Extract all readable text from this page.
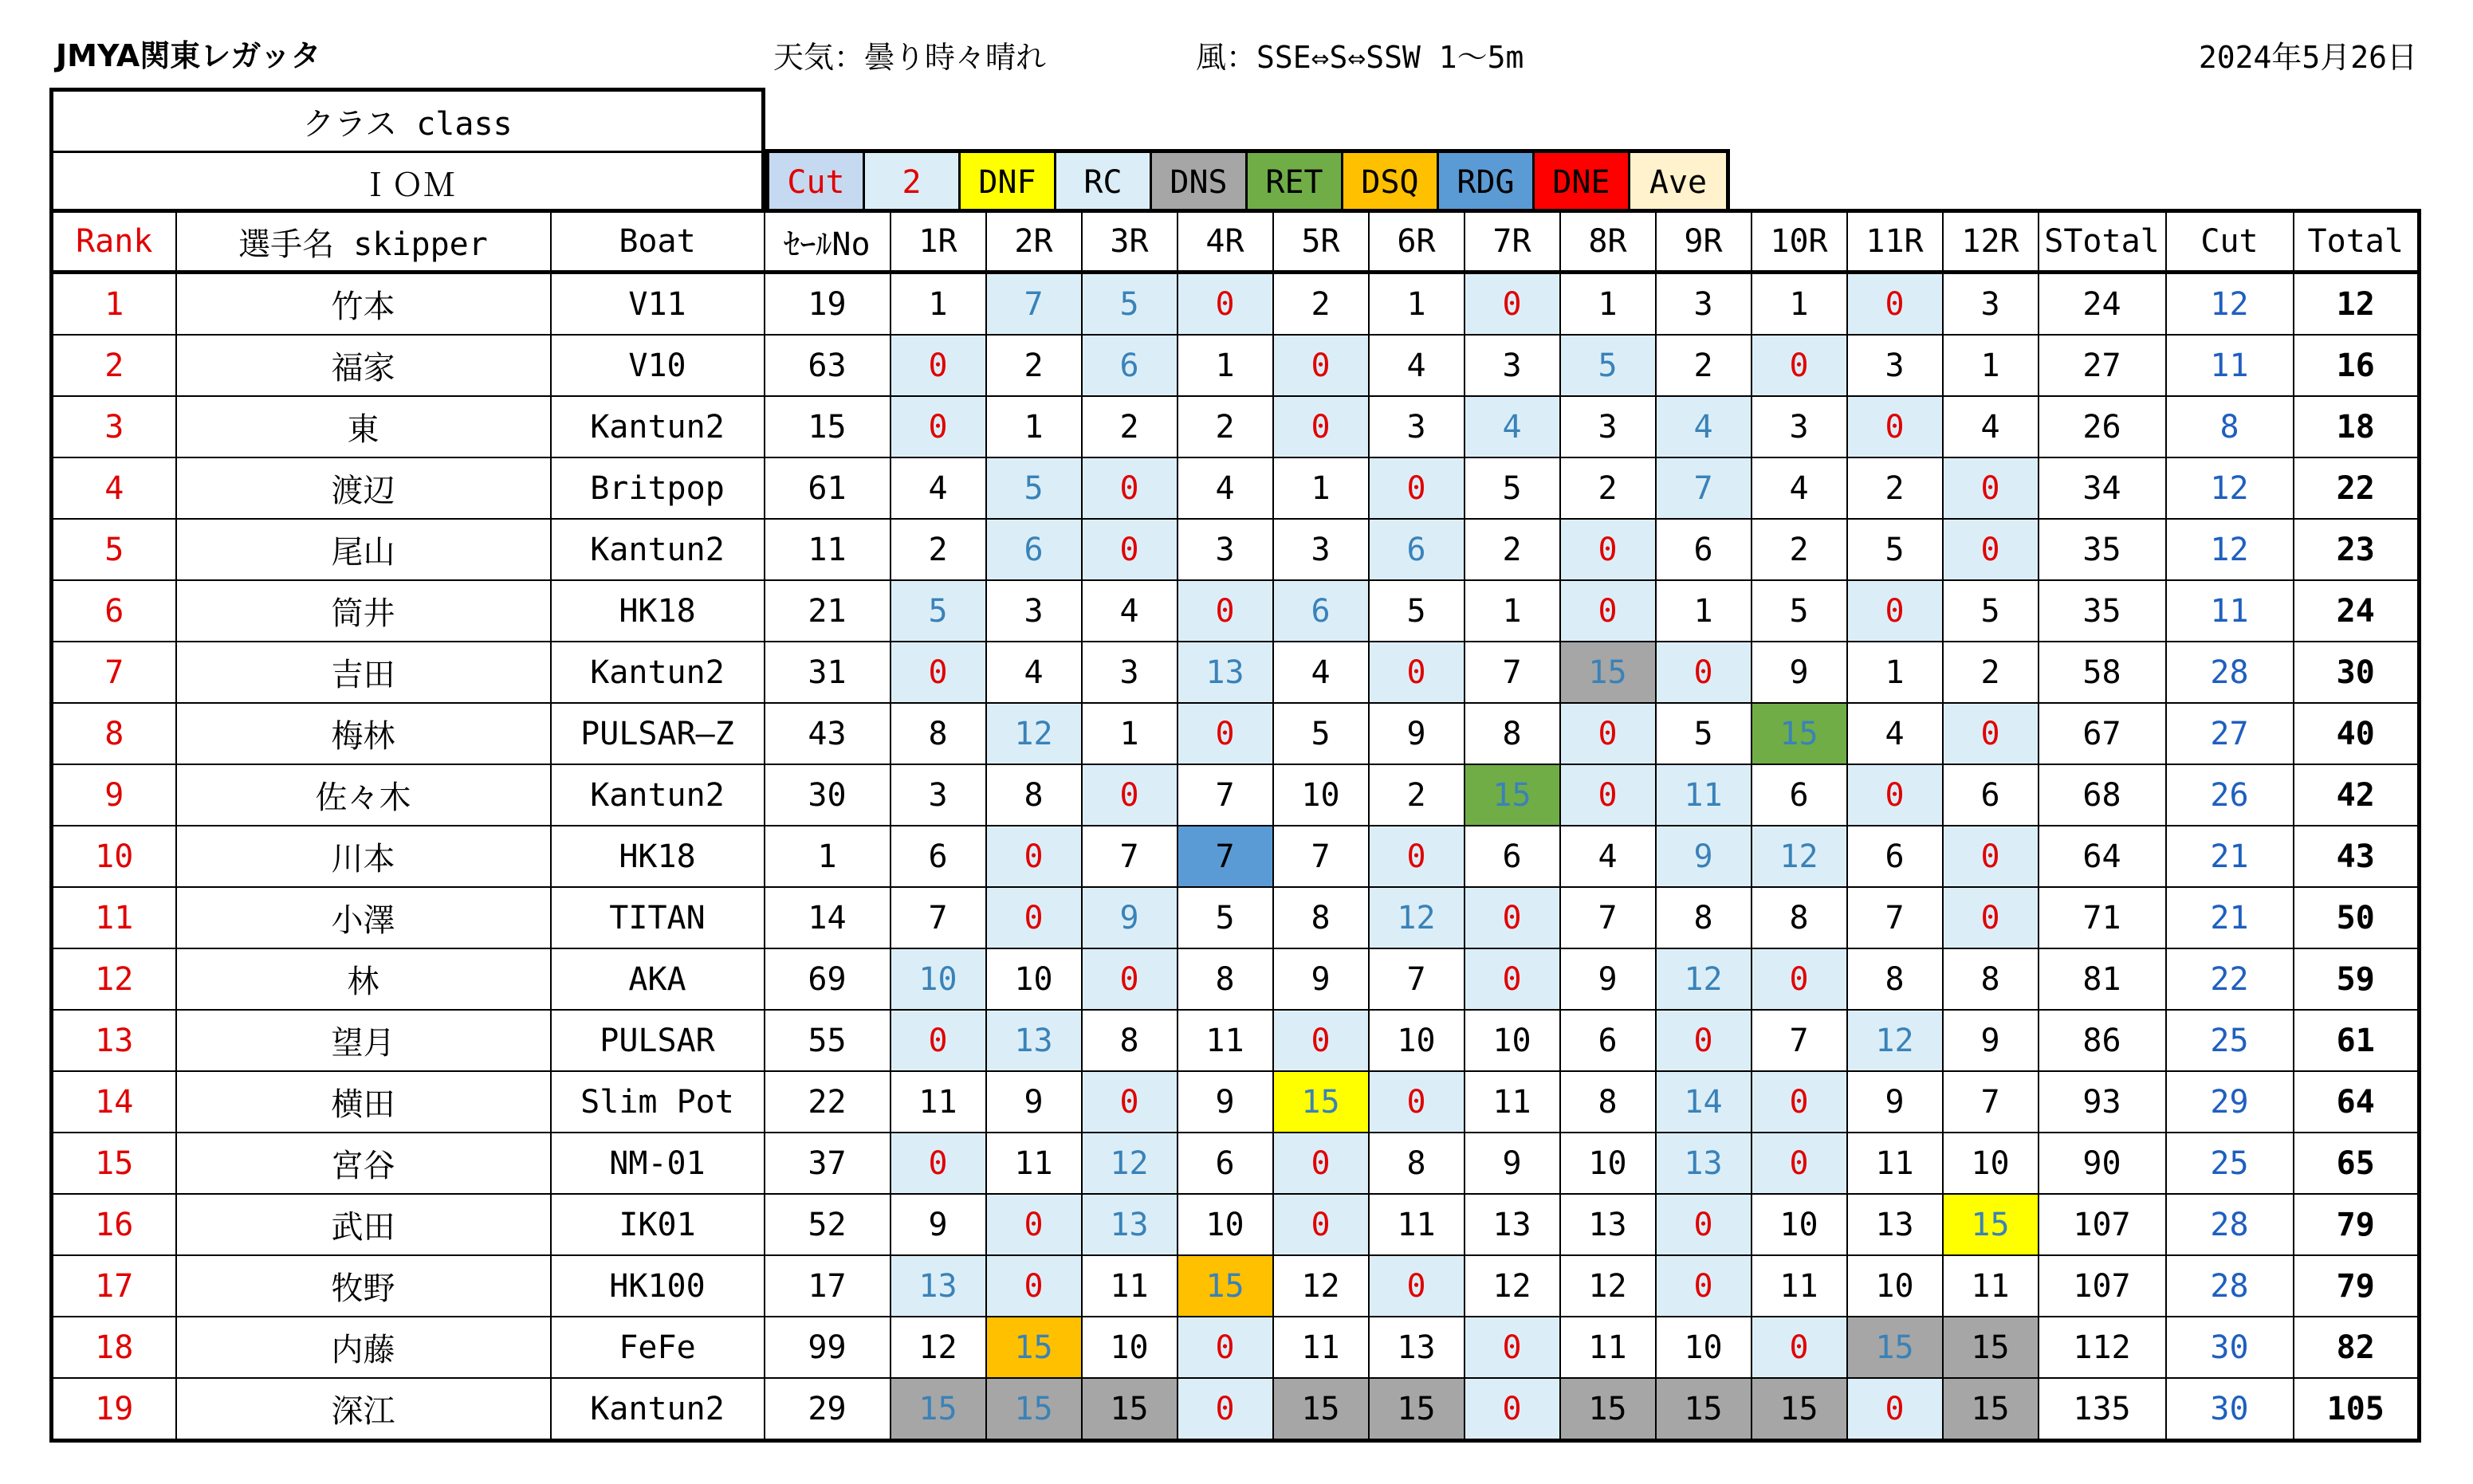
JMYA関東レガッタ	天気：曇り時々晴れ	風：SSE⇔S⇔SSW 1～5m	2024年5月26日
クラス class
ＩＯＭ	Cut	2	DNF	RC	DNS	RET	DSQ	RDG	DNE	Ave
Rank	選手名 skipper	Boat	ｾｰﾙNo	1R	2R	3R	4R	5R	6R	7R	8R	9R	10R	11R	12R	STotal	Cut	Total
1	竹本	V11	19	1	7	5	0	2	1	0	1	3	1	0	3	24	12	12
2	福家	V10	63	0	2	6	1	0	4	3	5	2	0	3	1	27	11	16
3	東	Kantun2	15	0	1	2	2	0	3	4	3	4	3	0	4	26	8	18
4	渡辺	Britpop	61	4	5	0	4	1	0	5	2	7	4	2	0	34	12	22
5	尾山	Kantun2	11	2	6	0	3	3	6	2	0	6	2	5	0	35	12	23
6	筒井	HK18	21	5	3	4	0	6	5	1	0	1	5	0	5	35	11	24
7	吉田	Kantun2	31	0	4	3	13	4	0	7	15	0	9	1	2	58	28	30
8	梅林	PULSAR―Z	43	8	12	1	0	5	9	8	0	5	15	4	0	67	27	40
9	佐々木	Kantun2	30	3	8	0	7	10	2	15	0	11	6	0	6	68	26	42
10	川本	HK18	1	6	0	7	7	7	0	6	4	9	12	6	0	64	21	43
11	小澤	TITAN	14	7	0	9	5	8	12	0	7	8	8	7	0	71	21	50
12	林	AKA	69	10	10	0	8	9	7	0	9	12	0	8	8	81	22	59
13	望月	PULSAR	55	0	13	8	11	0	10	10	6	0	7	12	9	86	25	61
14	横田	Slim Pot	22	11	9	0	9	15	0	11	8	14	0	9	7	93	29	64
15	宮谷	NM-01	37	0	11	12	6	0	8	9	10	13	0	11	10	90	25	65
16	武田	IK01	52	9	0	13	10	0	11	13	13	0	10	13	15	107	28	79
17	牧野	HK100	17	13	0	11	15	12	0	12	12	0	11	10	11	107	28	79
18	内藤	FeFe	99	12	15	10	0	11	13	0	11	10	0	15	15	112	30	82
19	深江	Kantun2	29	15	15	15	0	15	15	0	15	15	15	0	15	135	30	105
